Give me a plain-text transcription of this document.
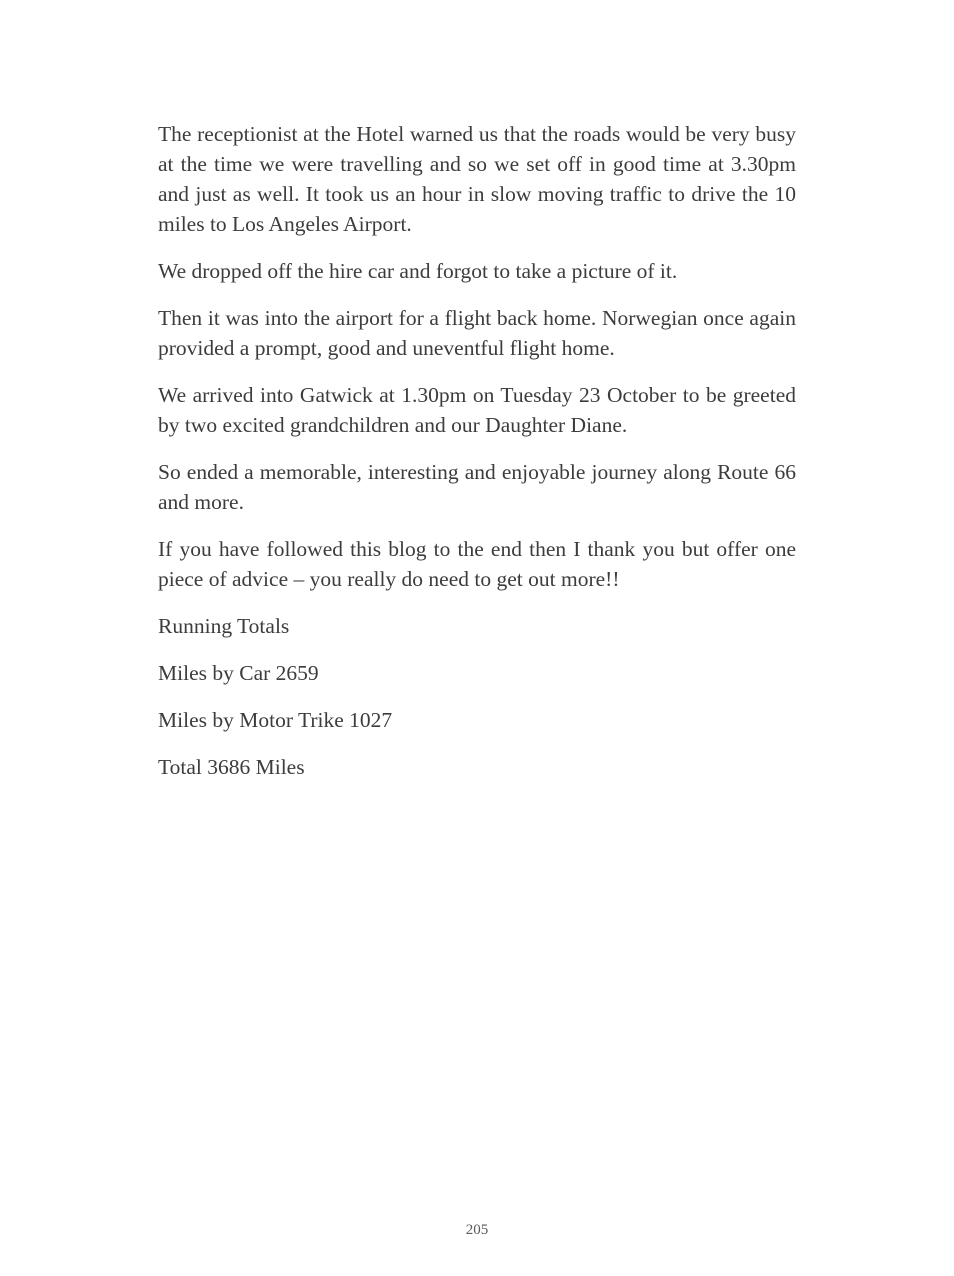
The receptionist at the Hotel warned us that the roads would be very busy at the time we were travelling and so we set off in good time at 3.30pm and just as well. It took us an hour in slow moving traffic to drive the 10 miles to Los Angeles Airport.

We dropped off the hire car and forgot to take a picture of it.

Then it was into the airport for a flight back home. Norwegian once again provided a prompt, good and uneventful flight home.

We arrived into Gatwick at 1.30pm on Tuesday 23 October to be greeted by two excited grandchildren and our Daughter Diane.

So ended a memorable, interesting and enjoyable journey along Route 66 and more.

If you have followed this blog to the end then I thank you but offer one piece of advice – you really do need to get out more!!

Running Totals

Miles by Car 2659

Miles by Motor Trike 1027

Total 3686 Miles

205
